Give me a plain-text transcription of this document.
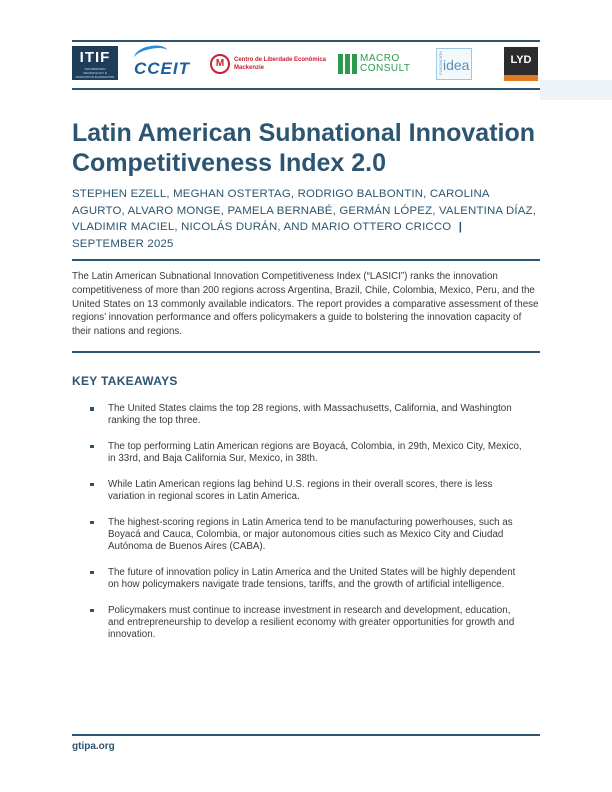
ITIF
INFORMATION TECHNOLOGY & INNOVATION FOUNDATION CCEIT	M	Centro de Liberdade Econômica
Mackenzie
MACRO
CONSULT	FUNDACIÓN idea	LYD
Latin American Subnational Innovation Competitiveness Index 2.0

STEPHEN EZELL, MEGHAN OSTERTAG, RODRIGO BALBONTIN, CAROLINA AGURTO, ALVARO MONGE, PAMELA BERNABÉ, GERMÁN LÓPEZ, VALENTINA DÍAZ, VLADIMIR MACIEL, NICOLÁS DURÁN, AND MARIO OTTERO CRICCO | SEPTEMBER 2025

The Latin American Subnational Innovation Competitiveness Index (“LASICI”) ranks the innovation competitiveness of more than 200 regions across Argentina, Brazil, Chile, Colombia, Mexico, Peru, and the United States on 13 commonly available indicators. The report provides a comparative assessment of these regions’ innovation performance and offers policymakers a guide to bolstering the innovation capacity of their nations and regions.

KEY TAKEAWAYS
The United States claims the top 28 regions, with Massachusetts, California, and Washington ranking the top three.
The top performing Latin American regions are Boyacá, Colombia, in 29th, Mexico City, Mexico, in 33rd, and Baja California Sur, Mexico, in 38th.
While Latin American regions lag behind U.S. regions in their overall scores, there is less variation in regional scores in Latin America.
The highest-scoring regions in Latin America tend to be manufacturing powerhouses, such as Boyacá and Cauca, Colombia, or major autonomous cities such as Mexico City and Ciudad Autónoma de Buenos Aires (CABA).
The future of innovation policy in Latin America and the United States will be highly dependent on how policymakers navigate trade tensions, tariffs, and the growth of artificial intelligence.
Policymakers must continue to increase investment in research and development, education, and entrepreneurship to develop a resilient economy with greater opportunities for growth and innovation.

gtipa.org
